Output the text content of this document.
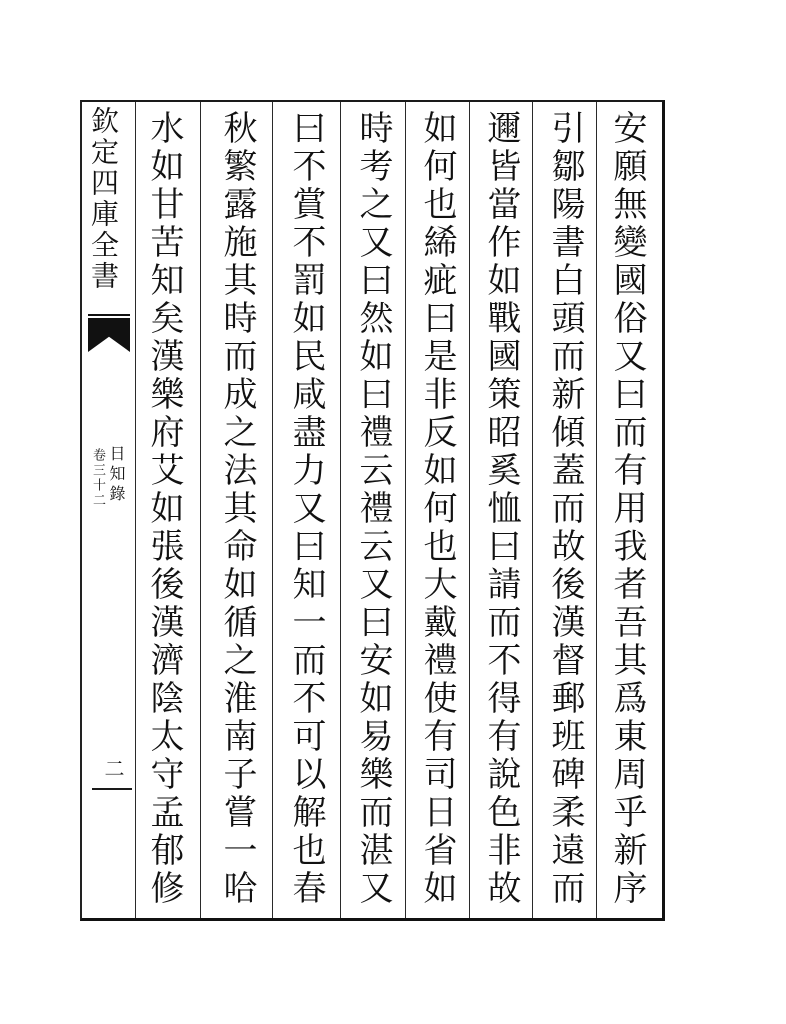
欽定四庫全書
日知錄
卷三十二
二	安願無變國俗又曰而有用我者吾其爲東周乎新序
引鄒陽書白頭而新傾蓋而故後漢督郵班碑柔遠而
邇皆當作如戰國策昭奚恤曰請而不得有說色非故
如何也絺疵曰是非反如何也大戴禮使有司日省如
時考之又曰然如曰禮云禮云又曰安如易樂而湛又
曰不賞不罰如民咸盡力又曰知一而不可以解也春
秋繁露施其時而成之法其命如循之淮南子嘗一哈
水如甘苦知矣漢樂府艾如張後漢濟陰太守孟郁修
